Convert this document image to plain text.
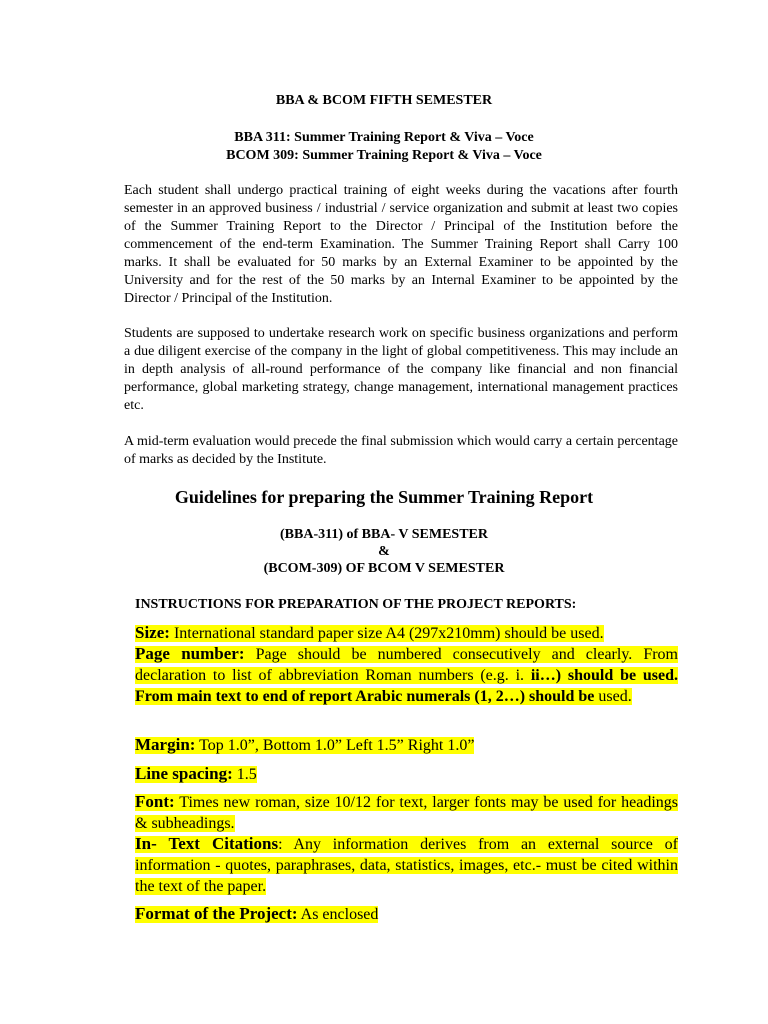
BBA & BCOM FIFTH SEMESTER
BBA 311: Summer Training Report & Viva – Voce
BCOM 309: Summer Training Report & Viva – Voce
Each student shall undergo practical training of eight weeks during the vacations after fourth semester in an approved business / industrial / service organization and submit at least two copies of the Summer Training Report to the Director / Principal of the Institution before the commencement of the end-term Examination. The Summer Training Report shall Carry 100 marks. It shall be evaluated for 50 marks by an External Examiner to be appointed by the University and for the rest of the 50 marks by an Internal Examiner to be appointed by the Director / Principal of the Institution.
Students are supposed to undertake research work on specific business organizations and perform a due diligent exercise of the company in the light of global competitiveness. This may include an in depth analysis of all-round performance of the company like financial and non financial performance, global marketing strategy, change management, international management practices etc.
A mid-term evaluation would precede the final submission which would carry a certain percentage of marks as decided by the Institute.
Guidelines for preparing the Summer Training Report
(BBA-311) of BBA- V SEMESTER
&
(BCOM-309) OF BCOM V SEMESTER
INSTRUCTIONS FOR PREPARATION OF THE PROJECT REPORTS:
Size: International standard paper size A4 (297x210mm) should be used.
Page number: Page should be numbered consecutively and clearly. From declaration to list of abbreviation Roman numbers (e.g. i. ii…) should be used. From main text to end of report Arabic numerals (1, 2…) should be used.
Margin: Top 1.0”, Bottom 1.0” Left 1.5” Right 1.0”
Line spacing: 1.5
Font: Times new roman, size 10/12 for text, larger fonts may be used for headings & subheadings.
In- Text Citations: Any information derives from an external source of information - quotes, paraphrases, data, statistics, images, etc.- must be cited within the text of the paper.
Format of the Project: As enclosed
